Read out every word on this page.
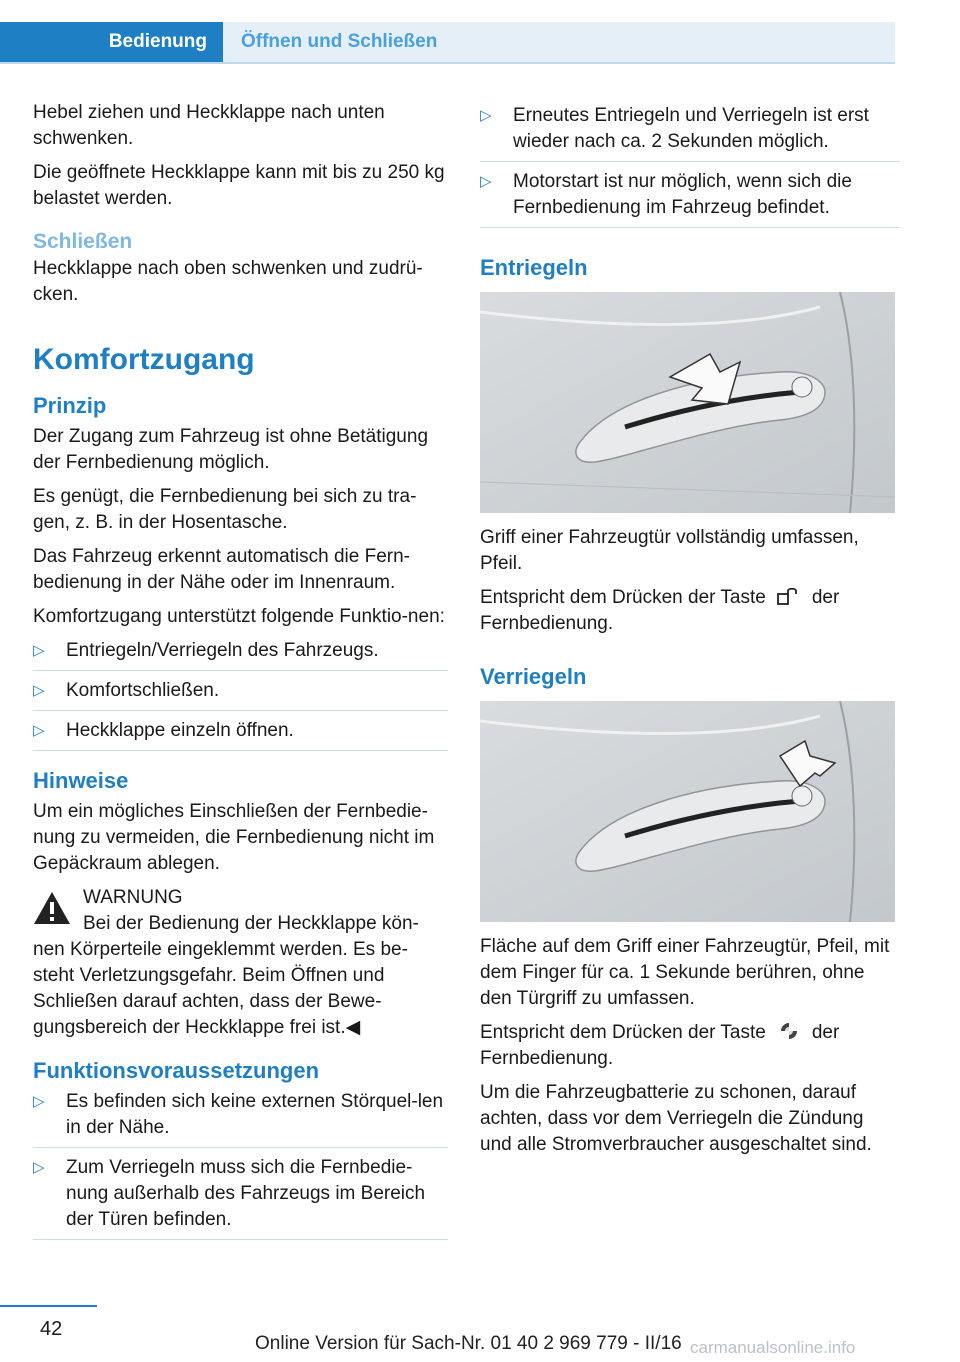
Bedienung	Öffnen und Schließen

Hebel ziehen und Heckklappe nach unten schwenken.

Die geöffnete Heckklappe kann mit bis zu 250 kg belastet werden.

Schließen

Heckklappe nach oben schwenken und zudrü‐cken.

Komfortzugang
Prinzip

Der Zugang zum Fahrzeug ist ohne Betätigung der Fernbedienung möglich.

Es genügt, die Fernbedienung bei sich zu tra‐gen, z. B. in der Hosentasche.

Das Fahrzeug erkennt automatisch die Fern‐bedienung in der Nähe oder im Innenraum.

Komfortzugang unterstützt folgende Funktio‐nen:

▷ Entriegeln/Verriegeln des Fahrzeugs.
▷ Komfortschließen.
▷ Heckklappe einzeln öffnen.
Hinweise

Um ein mögliches Einschließen der Fernbedie‐nung zu vermeiden, die Fernbedienung nicht im Gepäckraum ablegen.

WARNUNG

Bei der Bedienung der Heckklappe kön‐nen Körperteile eingeklemmt werden. Es be‐steht Verletzungsgefahr. Beim Öffnen und Schließen darauf achten, dass der Bewe‐gungsbereich der Heckklappe frei ist.◀

Funktionsvoraussetzungen
▷ Es befinden sich keine externen Störquel‐len in der Nähe.
▷ Zum Verriegeln muss sich die Fernbedie‐nung außerhalb des Fahrzeugs im Bereich der Türen befinden.
▷ Erneutes Entriegeln und Verriegeln ist erst wieder nach ca. 2 Sekunden möglich.
▷ Motorstart ist nur möglich, wenn sich die Fernbedienung im Fahrzeug befindet.
Entriegeln

Griff einer Fahrzeugtür vollständig umfassen, Pfeil.

Entspricht dem Drücken der Taste der Fernbedienung.

Verriegeln

Fläche auf dem Griff einer Fahrzeugtür, Pfeil, mit dem Finger für ca. 1 Sekunde berühren, ohne den Türgriff zu umfassen.

Entspricht dem Drücken der Taste der Fernbedienung.

Um die Fahrzeugbatterie zu schonen, darauf achten, dass vor dem Verriegeln die Zündung und alle Stromverbraucher ausgeschaltet sind.

42
Online Version für Sach-Nr. 01 40 2 969 779 - II/16 carmanualsonline.info
